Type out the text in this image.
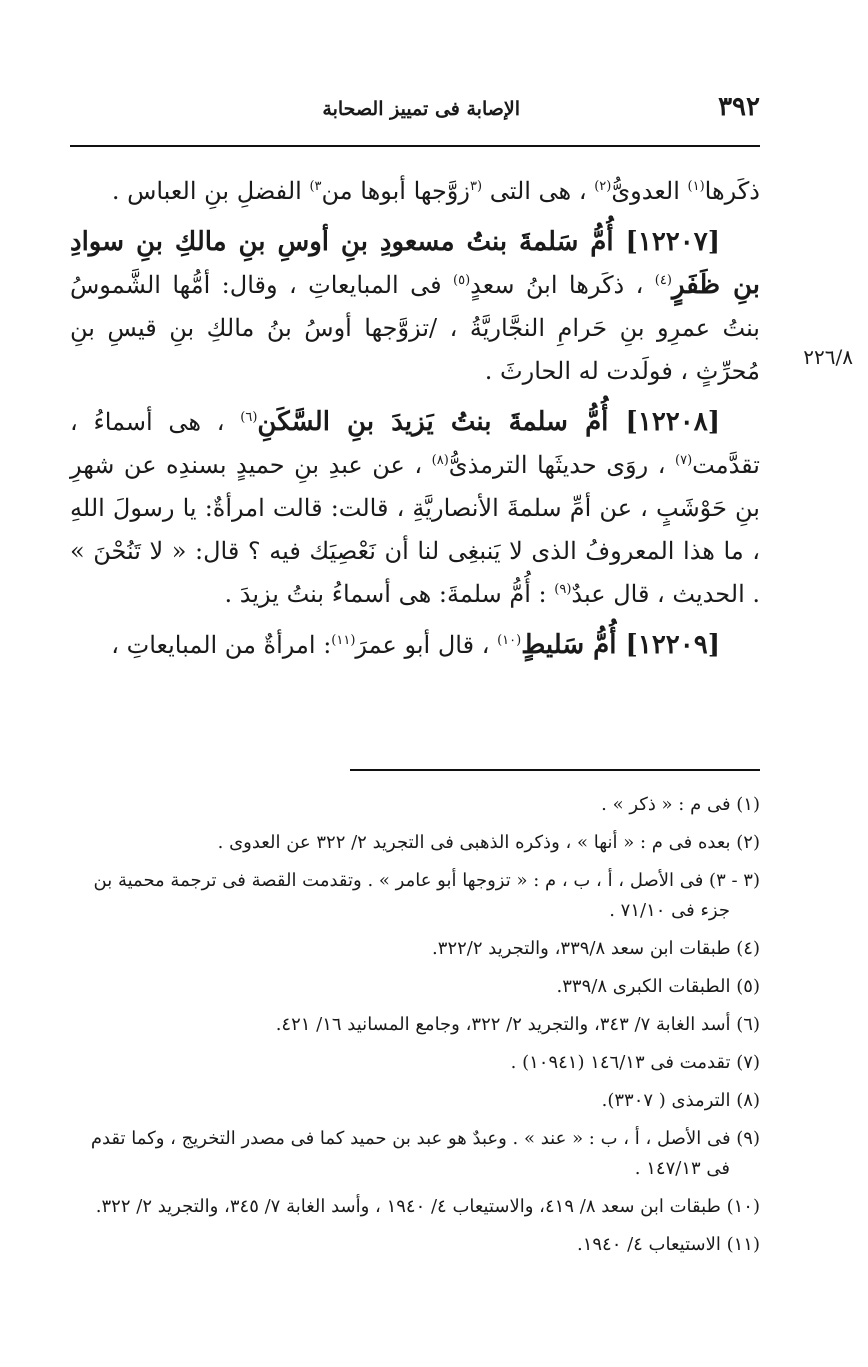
٣٩٢
الإصابة فى تمييز الصحابة
٢٢٦/٨

ذكَرها$^{(١)}$ العدوىُّ$^{(٢)}$ ، هى التى $^{(٣}$زوَّجها أبوها من$^{٣)}$ الفضلِ بنِ العباس .

[١٢٢٠٧] أُمُّ سَلمةَ بنتُ مسعودِ بنِ أوسِ بنِ مالكِ بنِ سوادِ بنِ ظَفَرٍ$^{(٤)}$ ، ذكَرها ابنُ سعدٍ$^{(٥)}$ فى المبايعاتِ ، وقال: أمُّها الشَّموسُ بنتُ عمرِو بنِ حَرامِ النجَّاريَّةُ ، /تزوَّجها أوسُ بنُ مالكِ بنِ قيسِ بنِ مُحرِّثٍ ، فولَدت له الحارثَ .

[١٢٢٠٨] أُمُّ سلمةَ بنتُ يَزيدَ بنِ السَّكَنِ$^{(٦)}$ ، هى أسماءُ ، تقدَّمت$^{(٧)}$ ، روَى حديثَها الترمذىُّ$^{(٨)}$ ، عن عبدِ بنِ حميدٍ بسندِه عن شهرِ بنِ حَوْشَبٍ ، عن أمِّ سلمةَ الأنصاريَّةِ ، قالت: قالت امرأةٌ: يا رسولَ اللهِ ، ما هذا المعروفُ الذى لا يَنبغِى لنا أن نَعْصِيَك فيه ؟ قال: « لا تَنُحْنَ » . الحديث ، قال عبدٌ$^{(٩)}$ : أُمُّ سلمةَ: هى أسماءُ بنتُ يزيدَ .

[١٢٢٠٩] أُمُّ سَليطٍ$^{(١٠)}$ ، قال أبو عمرَ$^{(١١)}$: امرأةٌ من المبايعاتِ ،

(١) فى م : « ذكر » .

(٢) بعده فى م : « أنها » ، وذكره الذهبى فى التجريد ٢/ ٣٢٢ عن العدوى .

(٣ - ٣) فى الأصل ، أ ، ب ، م : « تزوجها أبو عامر » . وتقدمت القصة فى ترجمة محمية بن جزء فى ٧١/١٠ .

(٤) طبقات ابن سعد ٣٣٩/٨، والتجريد ٣٢٢/٢.

(٥) الطبقات الكبرى ٣٣٩/٨.

(٦) أسد الغابة ٧/ ٣٤٣، والتجريد ٢/ ٣٢٢، وجامع المسانيد ١٦/ ٤٢١.

(٧) تقدمت فى ١٤٦/١٣ (١٠٩٤١) .

(٨) الترمذى ( ٣٣٠٧).

(٩) فى الأصل ، أ ، ب : « عند » . وعبدٌ هو عبد بن حميد كما فى مصدر التخريج ، وكما تقدم فى ١٤٧/١٣ .

(١٠) طبقات ابن سعد ٨/ ٤١٩، والاستيعاب ٤/ ١٩٤٠ ، وأسد الغابة ٧/ ٣٤٥، والتجريد ٢/ ٣٢٢.

(١١) الاستيعاب ٤/ ١٩٤٠.
